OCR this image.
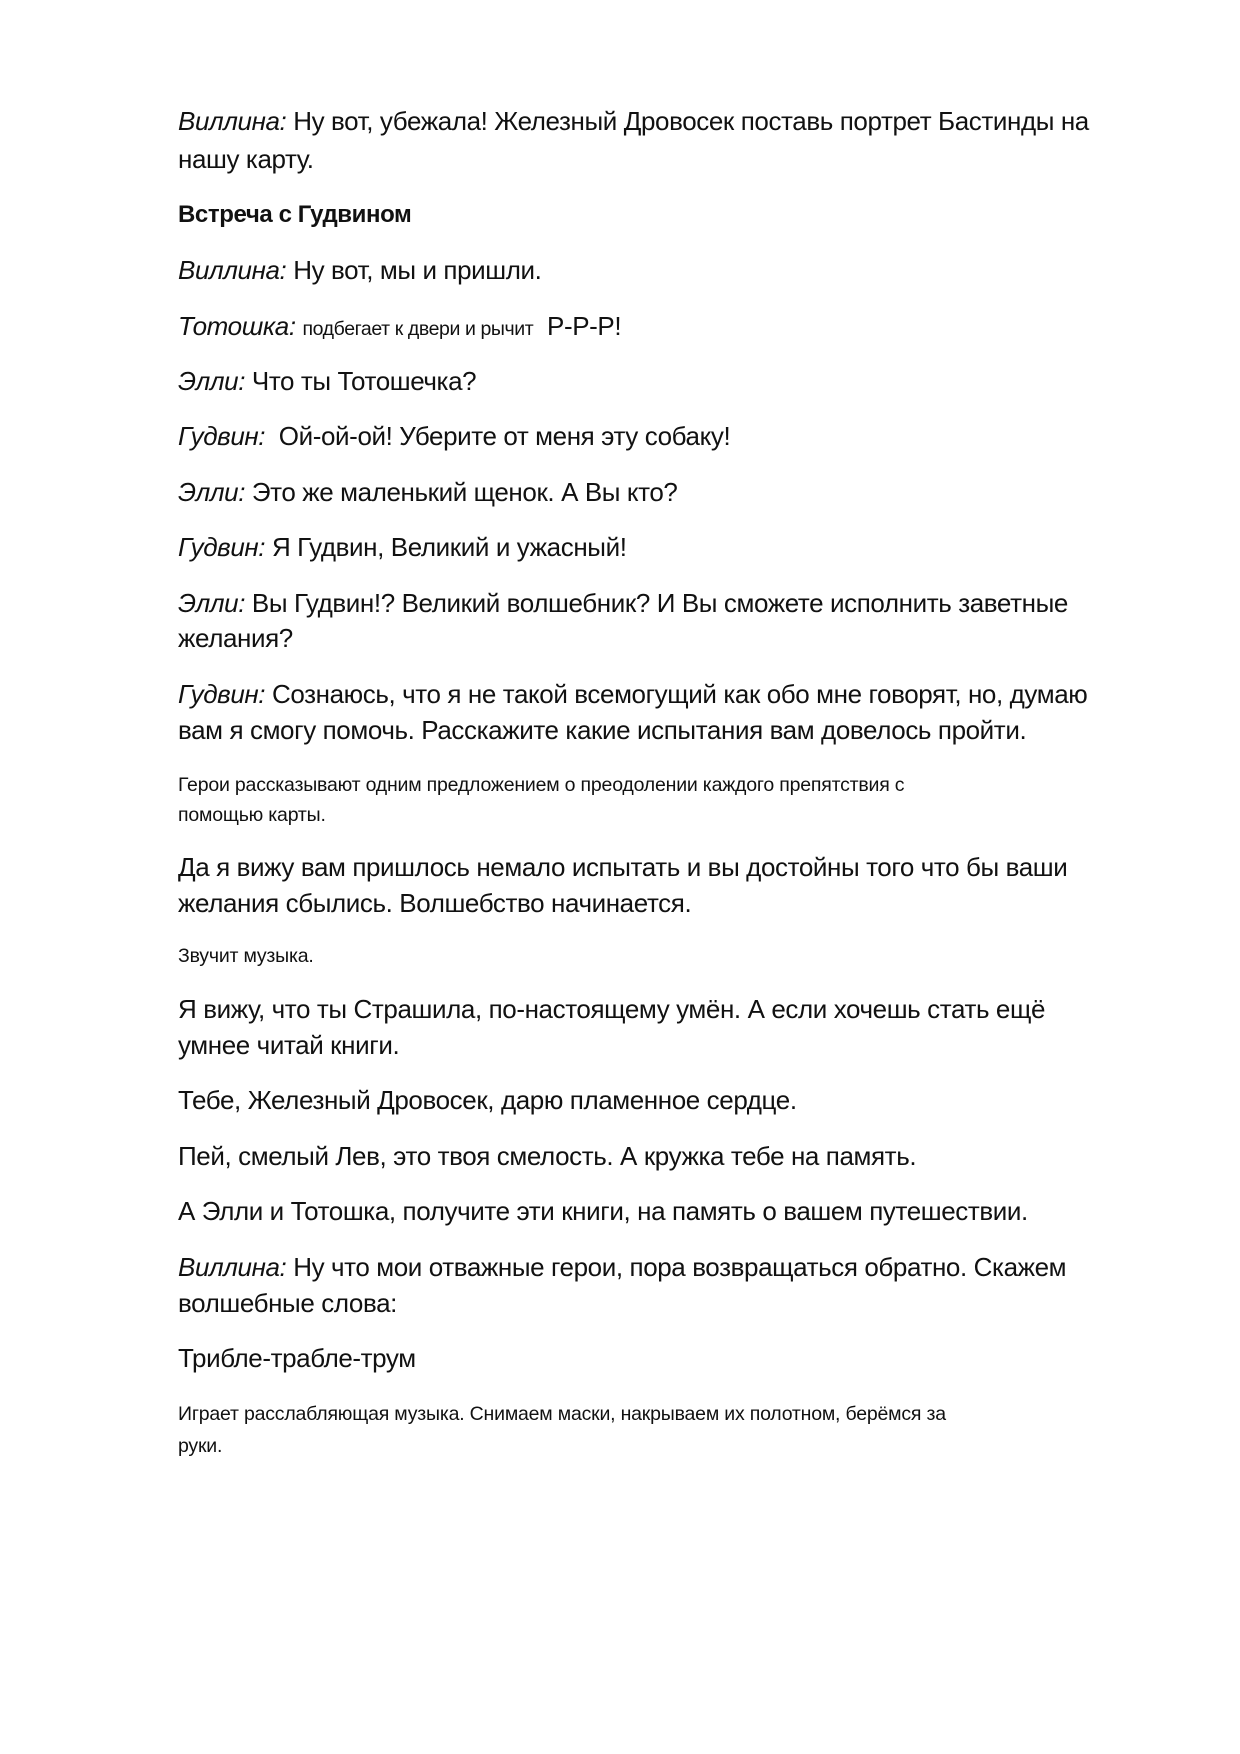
Виллина: Ну вот, убежала! Железный Дровосек поставь портрет Бастинды на
нашу карту.
Встреча с Гудвином
Виллина: Ну вот, мы и пришли.
Тотошка: подбегает к двери и рычит Р-Р-Р!
Элли: Что ты Тотошечка?
Гудвин: Ой-ой-ой! Уберите от меня эту собаку!
Элли: Это же маленький щенок. А Вы кто?
Гудвин: Я Гудвин, Великий и ужасный!
Элли: Вы Гудвин!? Великий волшебник? И Вы сможете исполнить заветные
желания?
Гудвин: Сознаюсь, что я не такой всемогущий как обо мне говорят, но, думаю
вам я смогу помочь. Расскажите какие испытания вам довелось пройти.
Герои рассказывают одним предложением о преодолении каждого препятствия с
помощью карты.
Да я вижу вам пришлось немало испытать и вы достойны того что бы ваши
желания сбылись. Волшебство начинается.
Звучит музыка.
Я вижу, что ты Страшила, по-настоящему умён. А если хочешь стать ещё
умнее читай книги.
Тебе, Железный Дровосек, дарю пламенное сердце.
Пей, смелый Лев, это твоя смелость. А кружка тебе на память.
А Элли и Тотошка, получите эти книги, на память о вашем путешествии.
Виллина: Ну что мои отважные герои, пора возвращаться обратно. Скажем
волшебные слова:
Трибле-трабле-трум
Играет расслабляющая музыка. Снимаем маски, накрываем их полотном, берёмся за
руки.
